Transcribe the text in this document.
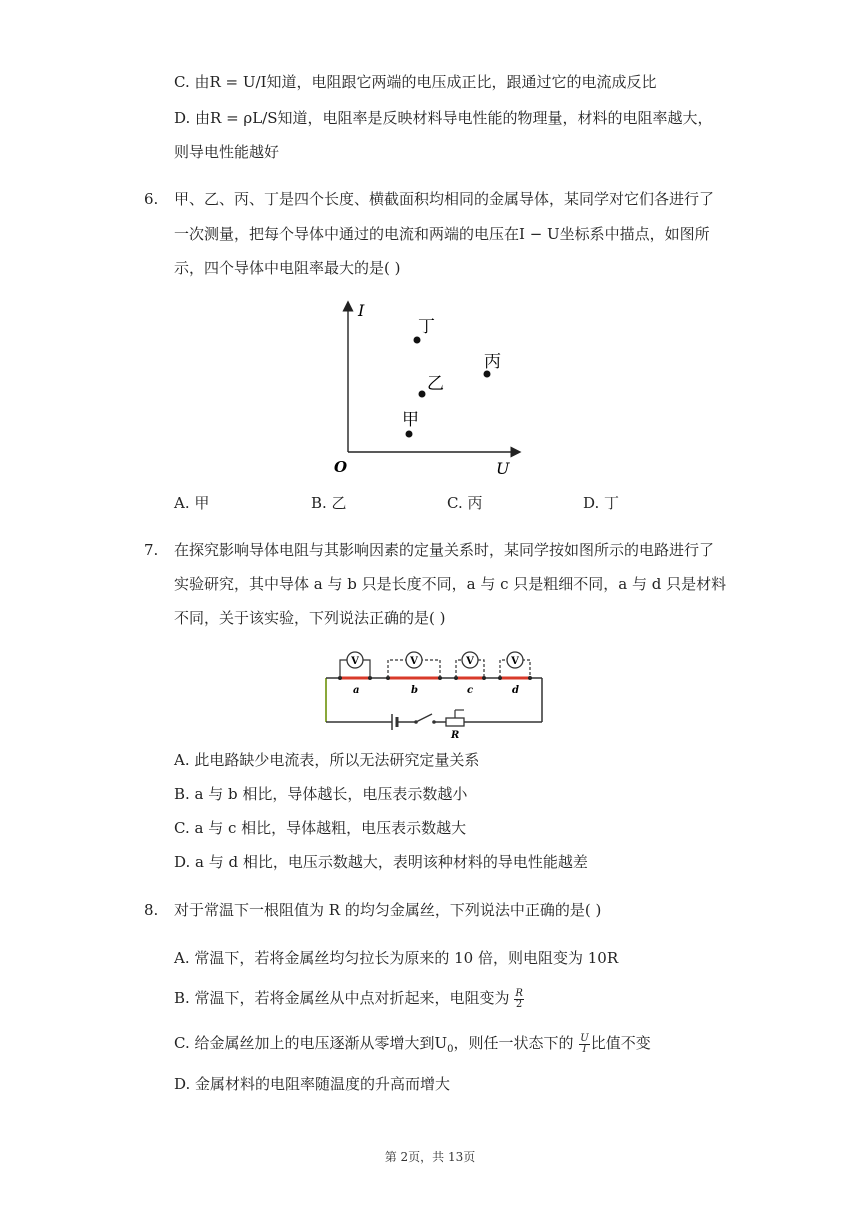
C. 由R = U/I知道，电阻跟它两端的电压成正比，跟通过它的电流成反比
D. 由R = ρL/S知道，电阻率是反映材料导电性能的物理量，材料的电阻率越大，
则导电性能越好
6.	甲、乙、丙、丁是四个长度、横截面积均相同的金属导体，某同学对它们各进行了
一次测量，把每个导体中通过的电流和两端的电压在I − U坐标系中描点，如图所
示，四个导体中电阻率最大的是( )
I
U
O
丁
丙
乙
甲
A. 甲	B. 乙	C. 丙	D. 丁
7.	在探究影响导体电阻与其影响因素的定量关系时，某同学按如图所示的电路进行了
实验研究，其中导体 a 与 b 只是长度不同，a 与 c 只是粗细不同，a 与 d 只是材料
不同，关于该实验，下列说法正确的是( )
V	V	V	V
a	b	c	d
R
A. 此电路缺少电流表，所以无法研究定量关系
B. a 与 b 相比，导体越长，电压表示数越小
C. a 与 c 相比，导体越粗，电压表示数越大
D. a 与 d 相比，电压示数越大，表明该种材料的导电性能越差
8.	对于常温下一根阻值为 R 的均匀金属丝，下列说法中正确的是( )
A. 常温下，若将金属丝均匀拉长为原来的 10 倍，则电阻变为 10R
B. 常温下，若将金属丝从中点对折起来，电阻变为 $\frac{R}{2}$
C. 给金属丝加上的电压逐渐从零增大到$U_0$，则任一状态下的 $\frac{U}{I}$ 比值不变
D. 金属材料的电阻率随温度的升高而增大
第 2页，共 13页
